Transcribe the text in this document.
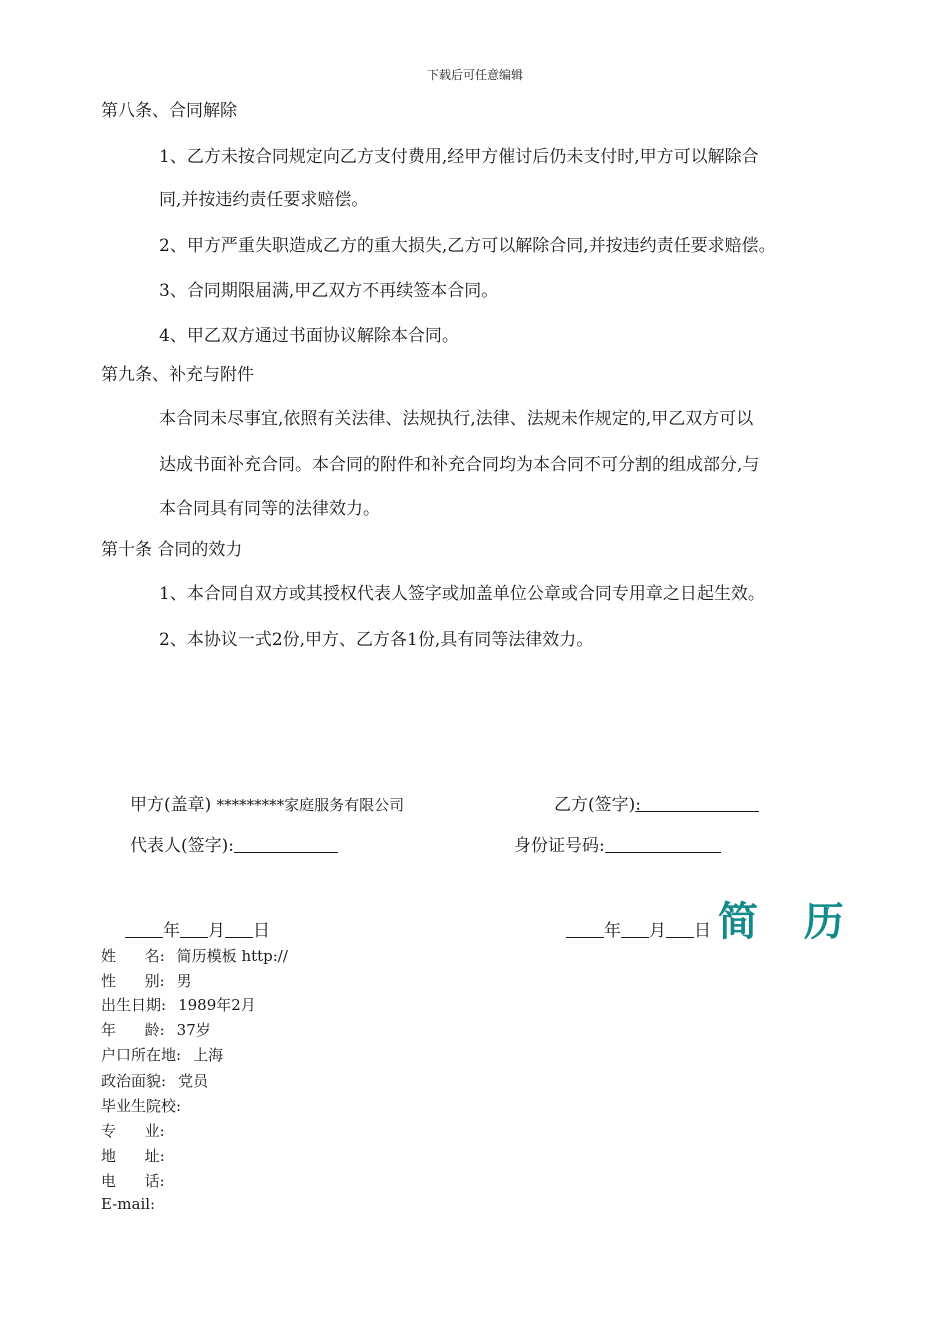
下载后可任意编辑
第八条、合同解除
1、乙方未按合同规定向乙方支付费用,经甲方催讨后仍未支付时,甲方可以解除合
同,并按违约责任要求赔偿。
2、甲方严重失职造成乙方的重大损失,乙方可以解除合同,并按违约责任要求赔偿。
3、合同期限届满,甲乙双方不再续签本合同。
4、甲乙双方通过书面协议解除本合同。
第九条、补充与附件
本合同未尽事宜,依照有关法律、法规执行,法律、法规未作规定的,甲乙双方可以
达成书面补充合同。本合同的附件和补充合同均为本合同不可分割的组成部分,与
本合同具有同等的法律效力。
第十条 合同的效力
1、本合同自双方或其授权代表人签字或加盖单位公章或合同专用章之日起生效。
2、本协议一式2份,甲方、乙方各1份,具有同等法律效力。
甲方(盖章) *********家庭服务有限公司	乙方(签字):
代表人(签字):	身份证号码:
年 月 日	年 月 日 简 历
姓      名: 简历模板 http://
性      别: 男
出生日期: 1989年2月
年      龄: 37岁
户口所在地: 上海
政治面貌: 党员
毕业生院校:
专      业:
地      址:
电      话:
E-mail:
